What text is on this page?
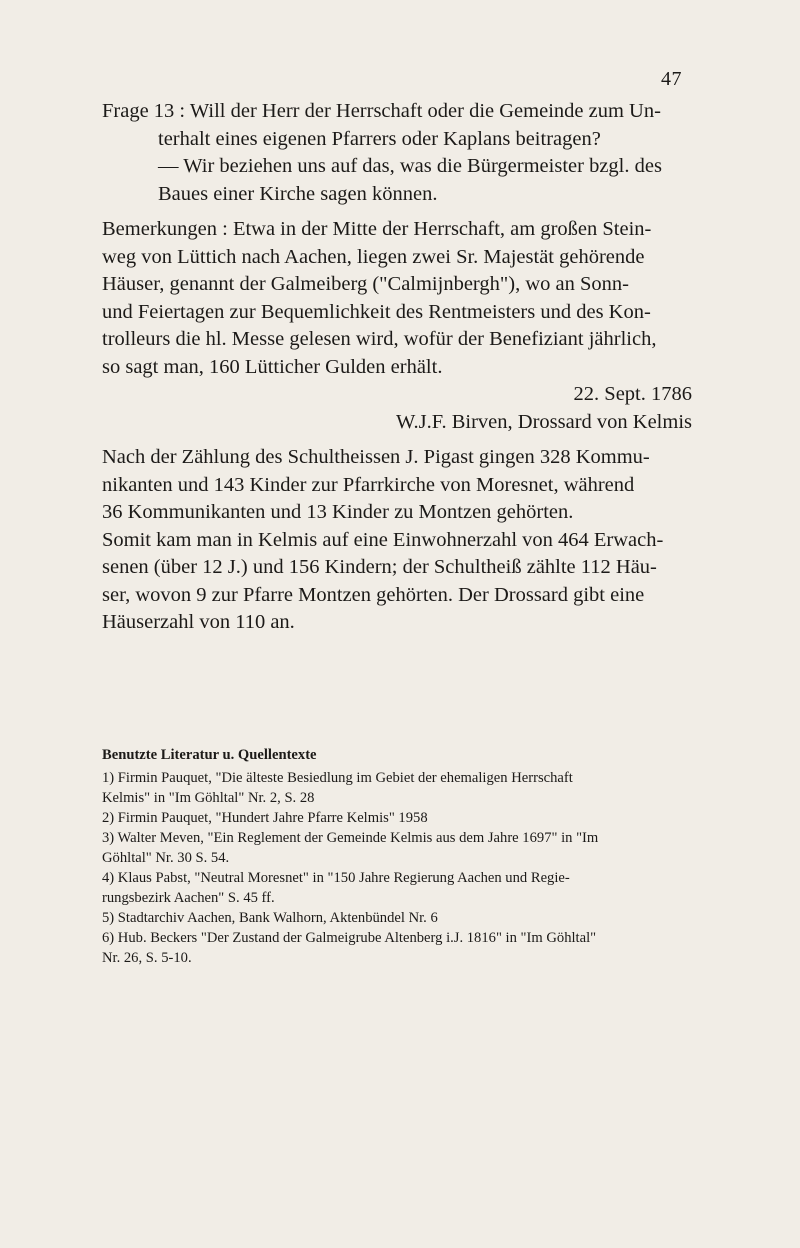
47
Frage 13 : Will der Herr der Herrschaft oder die Gemeinde zum Un-
terhalt eines eigenen Pfarrers oder Kaplans beitragen?
— Wir beziehen uns auf das, was die Bürgermeister bzgl. des
Baues einer Kirche sagen können.
Bemerkungen : Etwa in der Mitte der Herrschaft, am großen Stein-
weg von Lüttich nach Aachen, liegen zwei Sr. Majestät gehörende
Häuser, genannt der Galmeiberg ("Calmijnbergh"), wo an Sonn-
und Feiertagen zur Bequemlichkeit des Rentmeisters und des Kon-
trolleurs die hl. Messe gelesen wird, wofür der Benefiziant jährlich,
so sagt man, 160 Lütticher Gulden erhält.
22. Sept. 1786
W.J.F. Birven, Drossard von Kelmis
Nach der Zählung des Schultheissen J. Pigast gingen 328 Kommu-
nikanten und 143 Kinder zur Pfarrkirche von Moresnet, während
36 Kommunikanten und 13 Kinder zu Montzen gehörten.
Somit kam man in Kelmis auf eine Einwohnerzahl von 464 Erwach-
senen (über 12 J.) und 156 Kindern; der Schultheiß zählte 112 Häu-
ser, wovon 9 zur Pfarre Montzen gehörten. Der Drossard gibt eine
Häuserzahl von 110 an.
Benutzte Literatur u. Quellentexte
1) Firmin Pauquet, "Die älteste Besiedlung im Gebiet der ehemaligen Herrschaft
Kelmis" in "Im Göhltal" Nr. 2, S. 28
2) Firmin Pauquet, "Hundert Jahre Pfarre Kelmis" 1958
3) Walter Meven, "Ein Reglement der Gemeinde Kelmis aus dem Jahre 1697" in "Im
Göhltal" Nr. 30 S. 54.
4) Klaus Pabst, "Neutral Moresnet" in "150 Jahre Regierung Aachen und Regie-
rungsbezirk Aachen" S. 45 ff.
5) Stadtarchiv Aachen, Bank Walhorn, Aktenbündel Nr. 6
6) Hub. Beckers "Der Zustand der Galmeigrube Altenberg i.J. 1816" in "Im Göhltal"
Nr. 26, S. 5-10.
